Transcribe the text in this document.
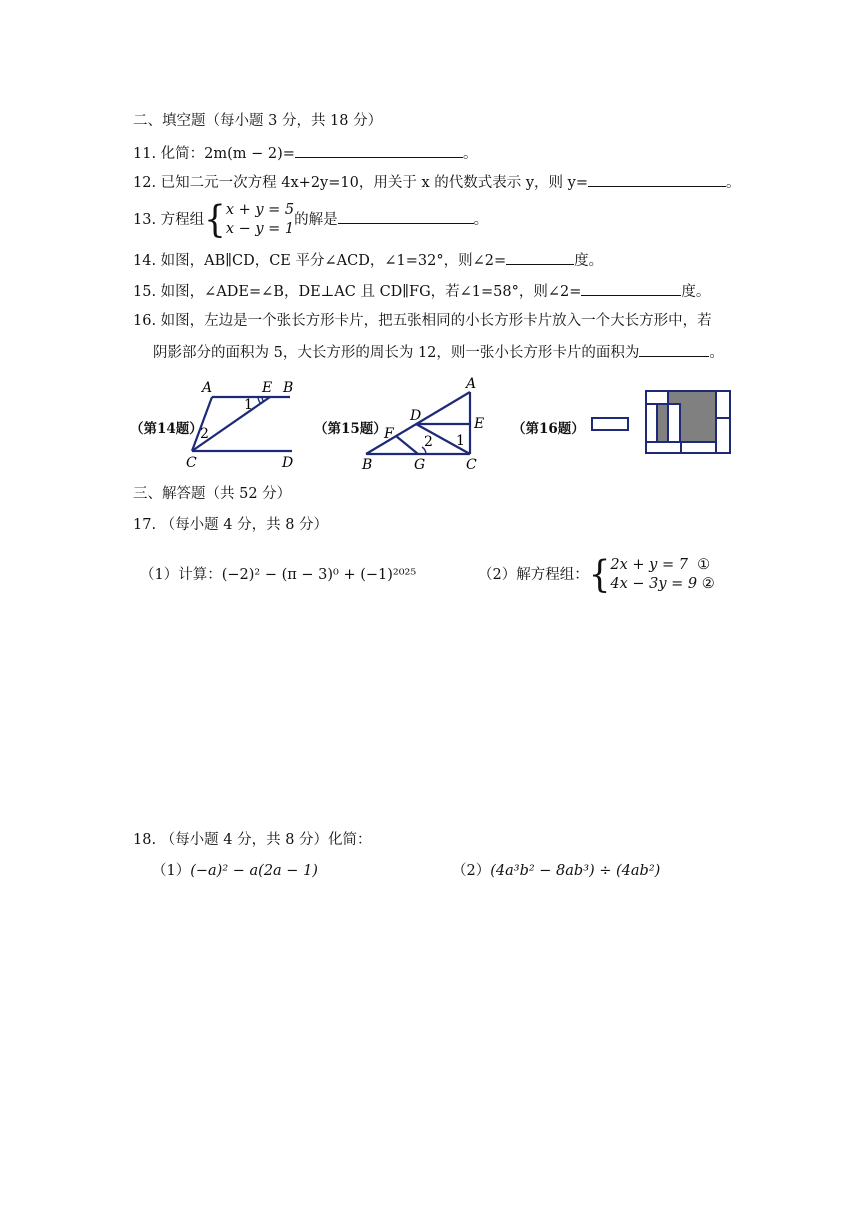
二、填空题（每小题 3 分，共 18 分）
11. 化简：2m(m − 2)=	。
12. 已知二元一次方程 4x+2y=10，用关于 x 的代数式表示 y，则 y=	。
13. 方程组{x + y = 5
x − y = 1的解是	。
14. 如图，AB∥CD，CE 平分∠ACD，∠1=32°，则∠2=	度。
15. 如图，∠ADE=∠B，DE⊥AC 且 CD∥FG，若∠1=58°，则∠2=	度。
16. 如图，左边是一个张长方形卡片，把五张相同的小长方形卡片放入一个大长方形中，若
阴影部分的面积为 5，大长方形的周长为 12，则一张小长方形卡片的面积为	。
（第14题）
A	E B
C	D
1
2	（第15题）
A
D	E
F
B	G	C
1
2
（第16题）
三、解答题（共 52 分）
17. （每小题 4 分，共 8 分）
（1）计算：(−2)² − (π − 3)⁰ + (−1)²⁰²⁵	（2）解方程组：{2x + y = 7 ①
4x − 3y = 9 ②
18. （每小题 4 分，共 8 分）化简：
（1）(−a)² − a(2a − 1)	（2）(4a³b² − 8ab³) ÷ (4ab²)
